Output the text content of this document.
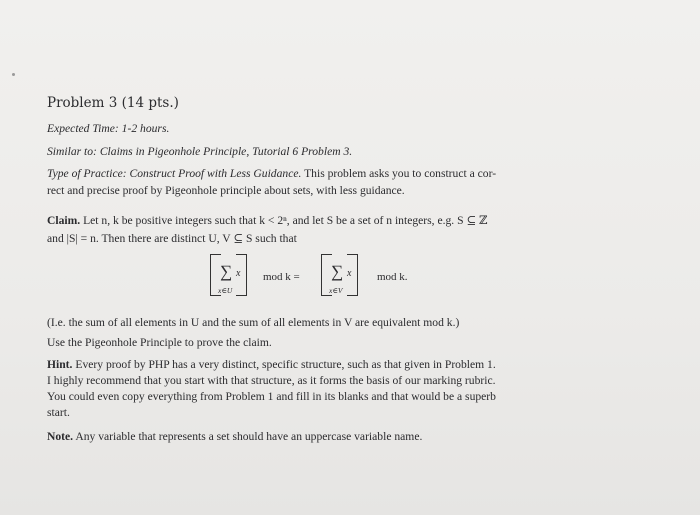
Problem 3 (14 pts.)
Expected Time: 1-2 hours.
Similar to: Claims in Pigeonhole Principle, Tutorial 6 Problem 3.
Type of Practice: Construct Proof with Less Guidance. This problem asks you to construct a cor-
rect and precise proof by Pigeonhole principle about sets, with less guidance.
Claim. Let n, k be positive integers such that k < 2ⁿ, and let S be a set of n integers, e.g. S ⊆ ℤ
and |S| = n. Then there are distinct U, V ⊆ S such that
∑ x
x∈U
mod k = ∑ x
x∈V
mod k.
(I.e. the sum of all elements in U and the sum of all elements in V are equivalent mod k.)
Use the Pigeonhole Principle to prove the claim.
Hint. Every proof by PHP has a very distinct, specific structure, such as that given in Problem 1.
I highly recommend that you start with that structure, as it forms the basis of our marking rubric.
You could even copy everything from Problem 1 and fill in its blanks and that would be a superb
start.
Note. Any variable that represents a set should have an uppercase variable name.
